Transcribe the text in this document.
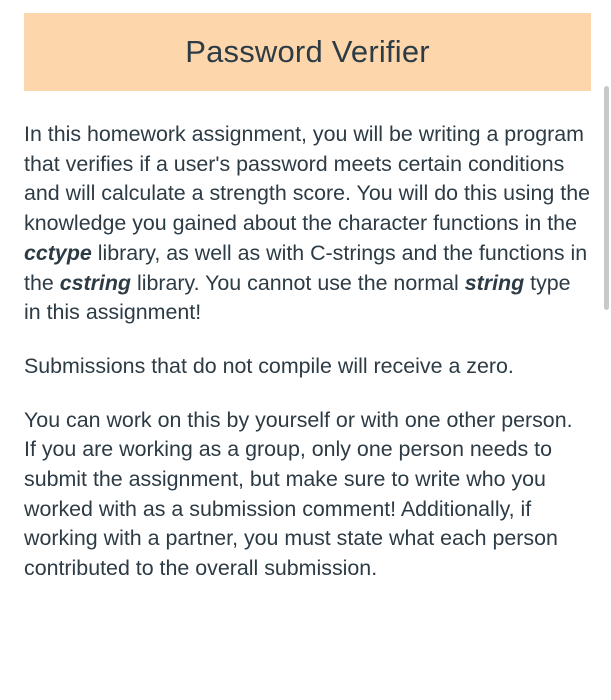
Password Verifier

In this homework assignment, you will be writing a program that verifies if a user's password meets certain conditions and will calculate a strength score. You will do this using the knowledge you gained about the character functions in the cctype library, as well as with C-strings and the functions in the cstring library. You cannot use the normal string type in this assignment!

Submissions that do not compile will receive a zero.

You can work on this by yourself or with one other person. If you are working as a group, only one person needs to submit the assignment, but make sure to write who you worked with as a submission comment! Additionally, if working with a partner, you must state what each person contributed to the overall submission.
